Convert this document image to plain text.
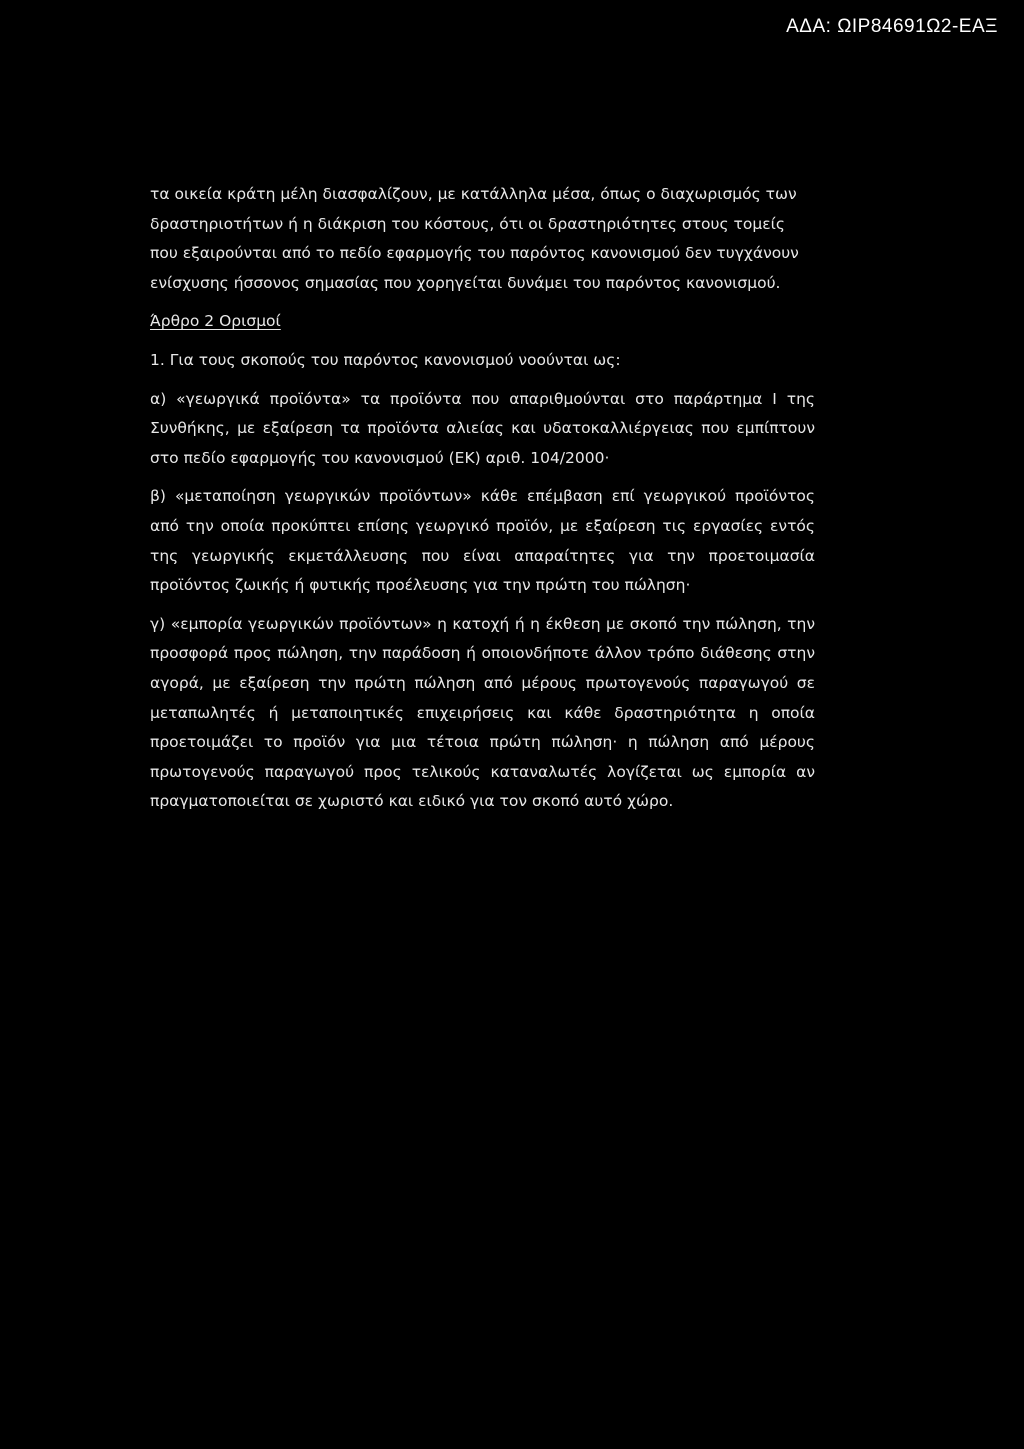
ΑΔΑ: ΩΙΡ84691Ω2-ΕΑΞ

τα οικεία κράτη μέλη διασφαλίζουν, με κατάλληλα μέσα, όπως ο διαχωρισμός των δραστηριοτήτων ή η διάκριση του κόστους, ότι οι δραστηριότητες στους τομείς που εξαιρούνται από το πεδίο εφαρμογής του παρόντος κανονισμού δεν τυγχάνουν ενίσχυσης ήσσονος σημασίας που χορηγείται δυνάμει του παρόντος κανονισμού.

Άρθρο 2 Ορισμοί
1. Για τους σκοπούς του παρόντος κανονισμού νοούνται ως:

α) «γεωργικά προϊόντα» τα προϊόντα που απαριθμούνται στο παράρτημα Ι της Συνθήκης, με εξαίρεση τα προϊόντα αλιείας και υδατοκαλλιέργειας που εμπίπτουν στο πεδίο εφαρμογής του κανονισμού (ΕΚ) αριθ. 104/2000·

β) «μεταποίηση γεωργικών προϊόντων» κάθε επέμβαση επί γεωργικού προϊόντος από την οποία προκύπτει επίσης γεωργικό προϊόν, με εξαίρεση τις εργασίες εντός της γεωργικής εκμετάλλευσης που είναι απαραίτητες για την προετοιμασία προϊόντος ζωικής ή φυτικής προέλευσης για την πρώτη του πώληση·

γ) «εμπορία γεωργικών προϊόντων» η κατοχή ή η έκθεση με σκοπό την πώληση, την προσφορά προς πώληση, την παράδοση ή οποιονδήποτε άλλον τρόπο διάθεσης στην αγορά, με εξαίρεση την πρώτη πώληση από μέρους πρωτογενούς παραγωγού σε μεταπωλητές ή μεταποιητικές επιχειρήσεις και κάθε δραστηριότητα η οποία προετοιμάζει το προϊόν για μια τέτοια πρώτη πώληση· η πώληση από μέρους πρωτογενούς παραγωγού προς τελικούς καταναλωτές λογίζεται ως εμπορία αν πραγματοποιείται σε χωριστό και ειδικό για τον σκοπό αυτό χώρο.
